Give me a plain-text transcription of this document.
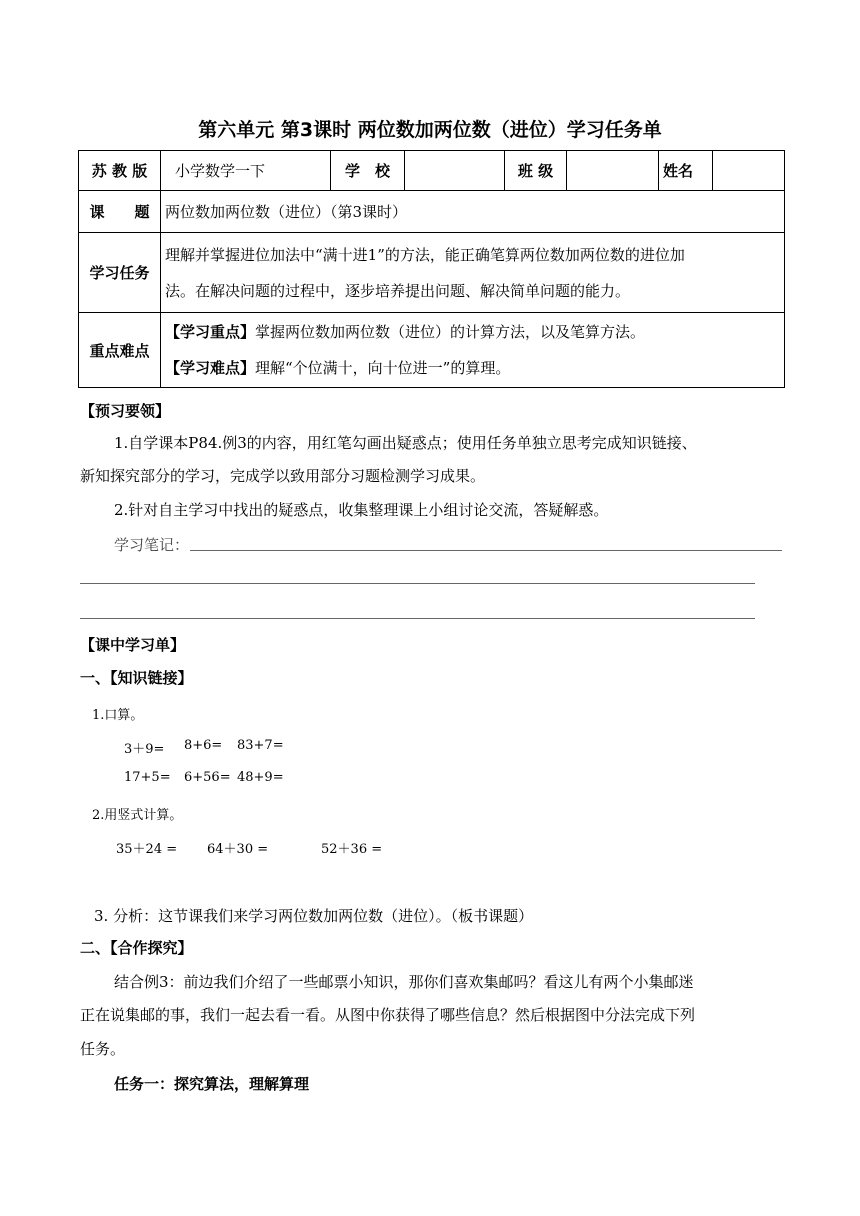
第六单元 第3课时 两位数加两位数（进位）学习任务单
苏 教 版	小学数学一下	学　校		班 级		姓名	
课　　题	两位数加两位数（进位）（第3课时）						
学习任务	理解并掌握进位加法中“满十进1”的方法，能正确笔算两位数加两位数的进位加
法。在解决问题的过程中，逐步培养提出问题、解决简单问题的能力。						

重点难点	【学习重点】掌握两位数加两位数（进位）的计算方法，以及笔算方法。
【学习难点】理解“个位满十，向十位进一”的算理。						
【预习要领】
1.自学课本P84.例3的内容，用红笔勾画出疑惑点；使用任务单独立思考完成知识链接、
新知探究部分的学习，完成学以致用部分习题检测学习成果。
2.针对自主学习中找出的疑惑点，收集整理课上小组讨论交流，答疑解惑。
学习笔记：
【课中学习单】
一、【知识链接】
1.口算。
3＋9= 8+6= 83+7=
17+5= 6+56= 48+9=
2.用竖式计算。
35＋24 = 64＋30 =	52＋36 =
3. 分析：这节课我们来学习两位数加两位数（进位）。（板书课题）
二、【合作探究】
结合例3：前边我们介绍了一些邮票小知识，那你们喜欢集邮吗？看这儿有两个小集邮迷
正在说集邮的事，我们一起去看一看。从图中你获得了哪些信息？然后根据图中分法完成下列
任务。
任务一：探究算法，理解算理
